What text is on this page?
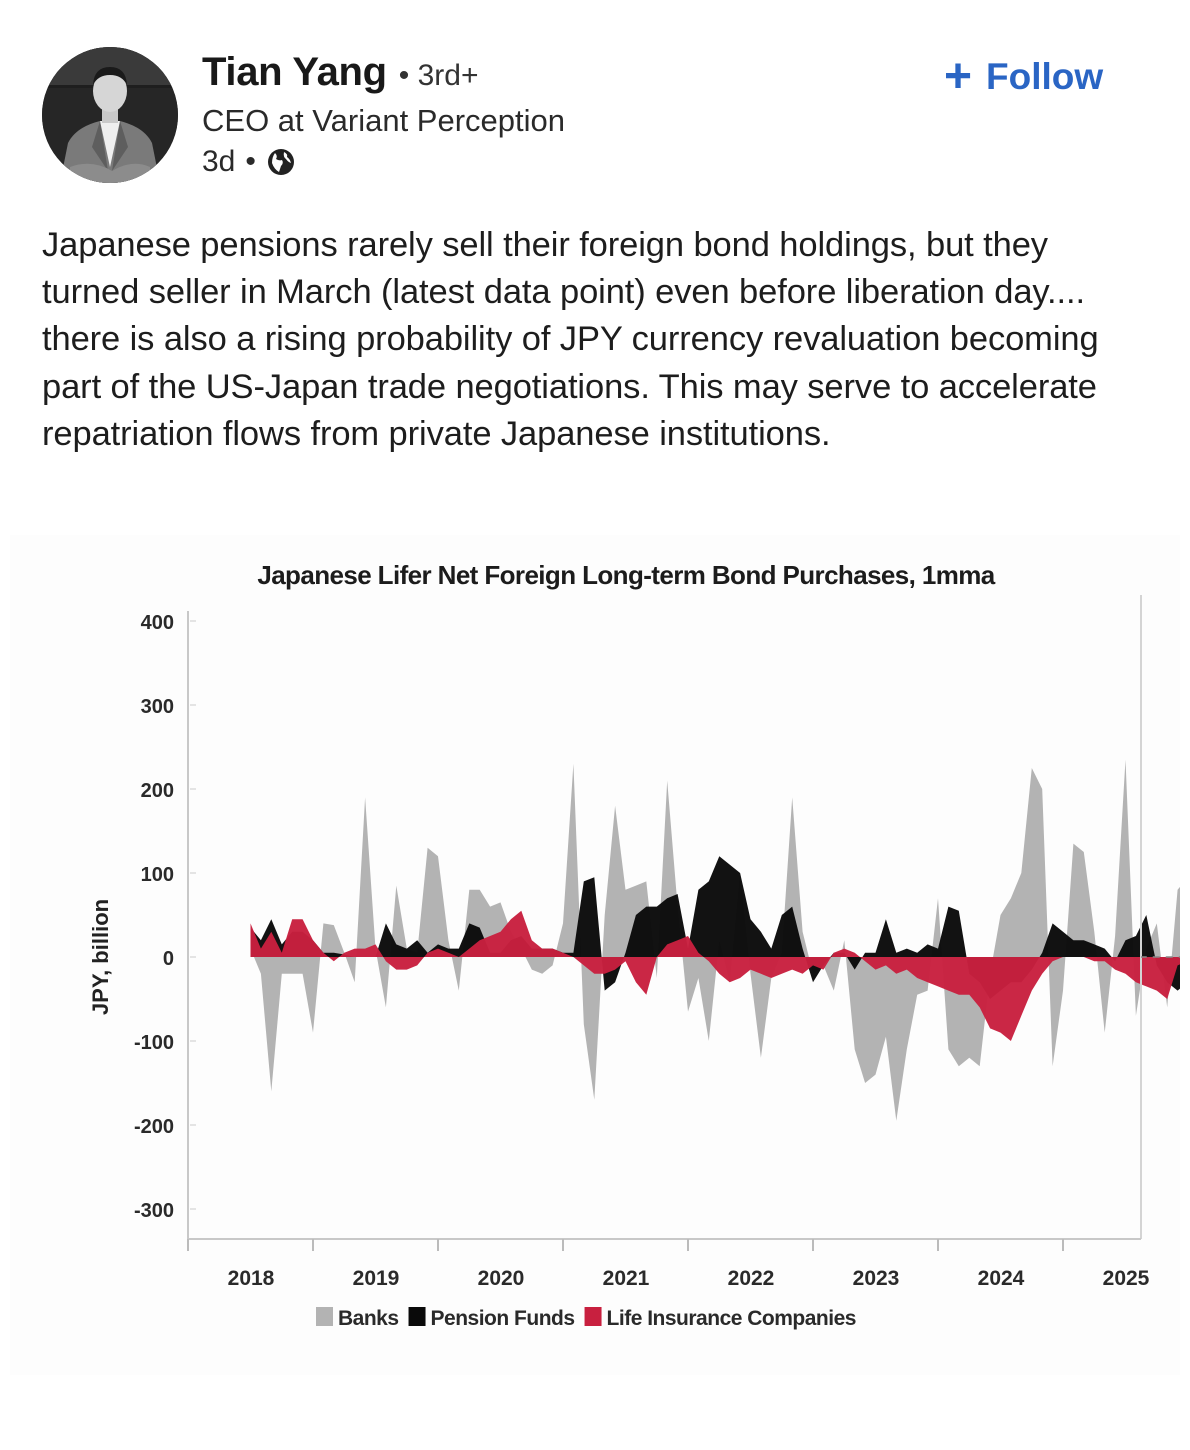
Tian Yang • 3rd+
CEO at Variant Perception
3d •
+ Follow
Japanese pensions rarely sell their foreign bond holdings, but they turned seller in March (latest data point) even before liberation day.... there is also a rising probability of JPY currency revaluation becoming part of the US-Japan trade negotiations. This may serve to accelerate repatriation flows from private Japanese institutions.
Japanese Lifer Net Foreign Long-term Bond Purchases, 1mma
JPY, billion
400
300
200
100
0
-100
-200
-300
2018	2019	2020	2021	2022	2023	2024	2025
Banks Pension Funds Life Insurance Companies
